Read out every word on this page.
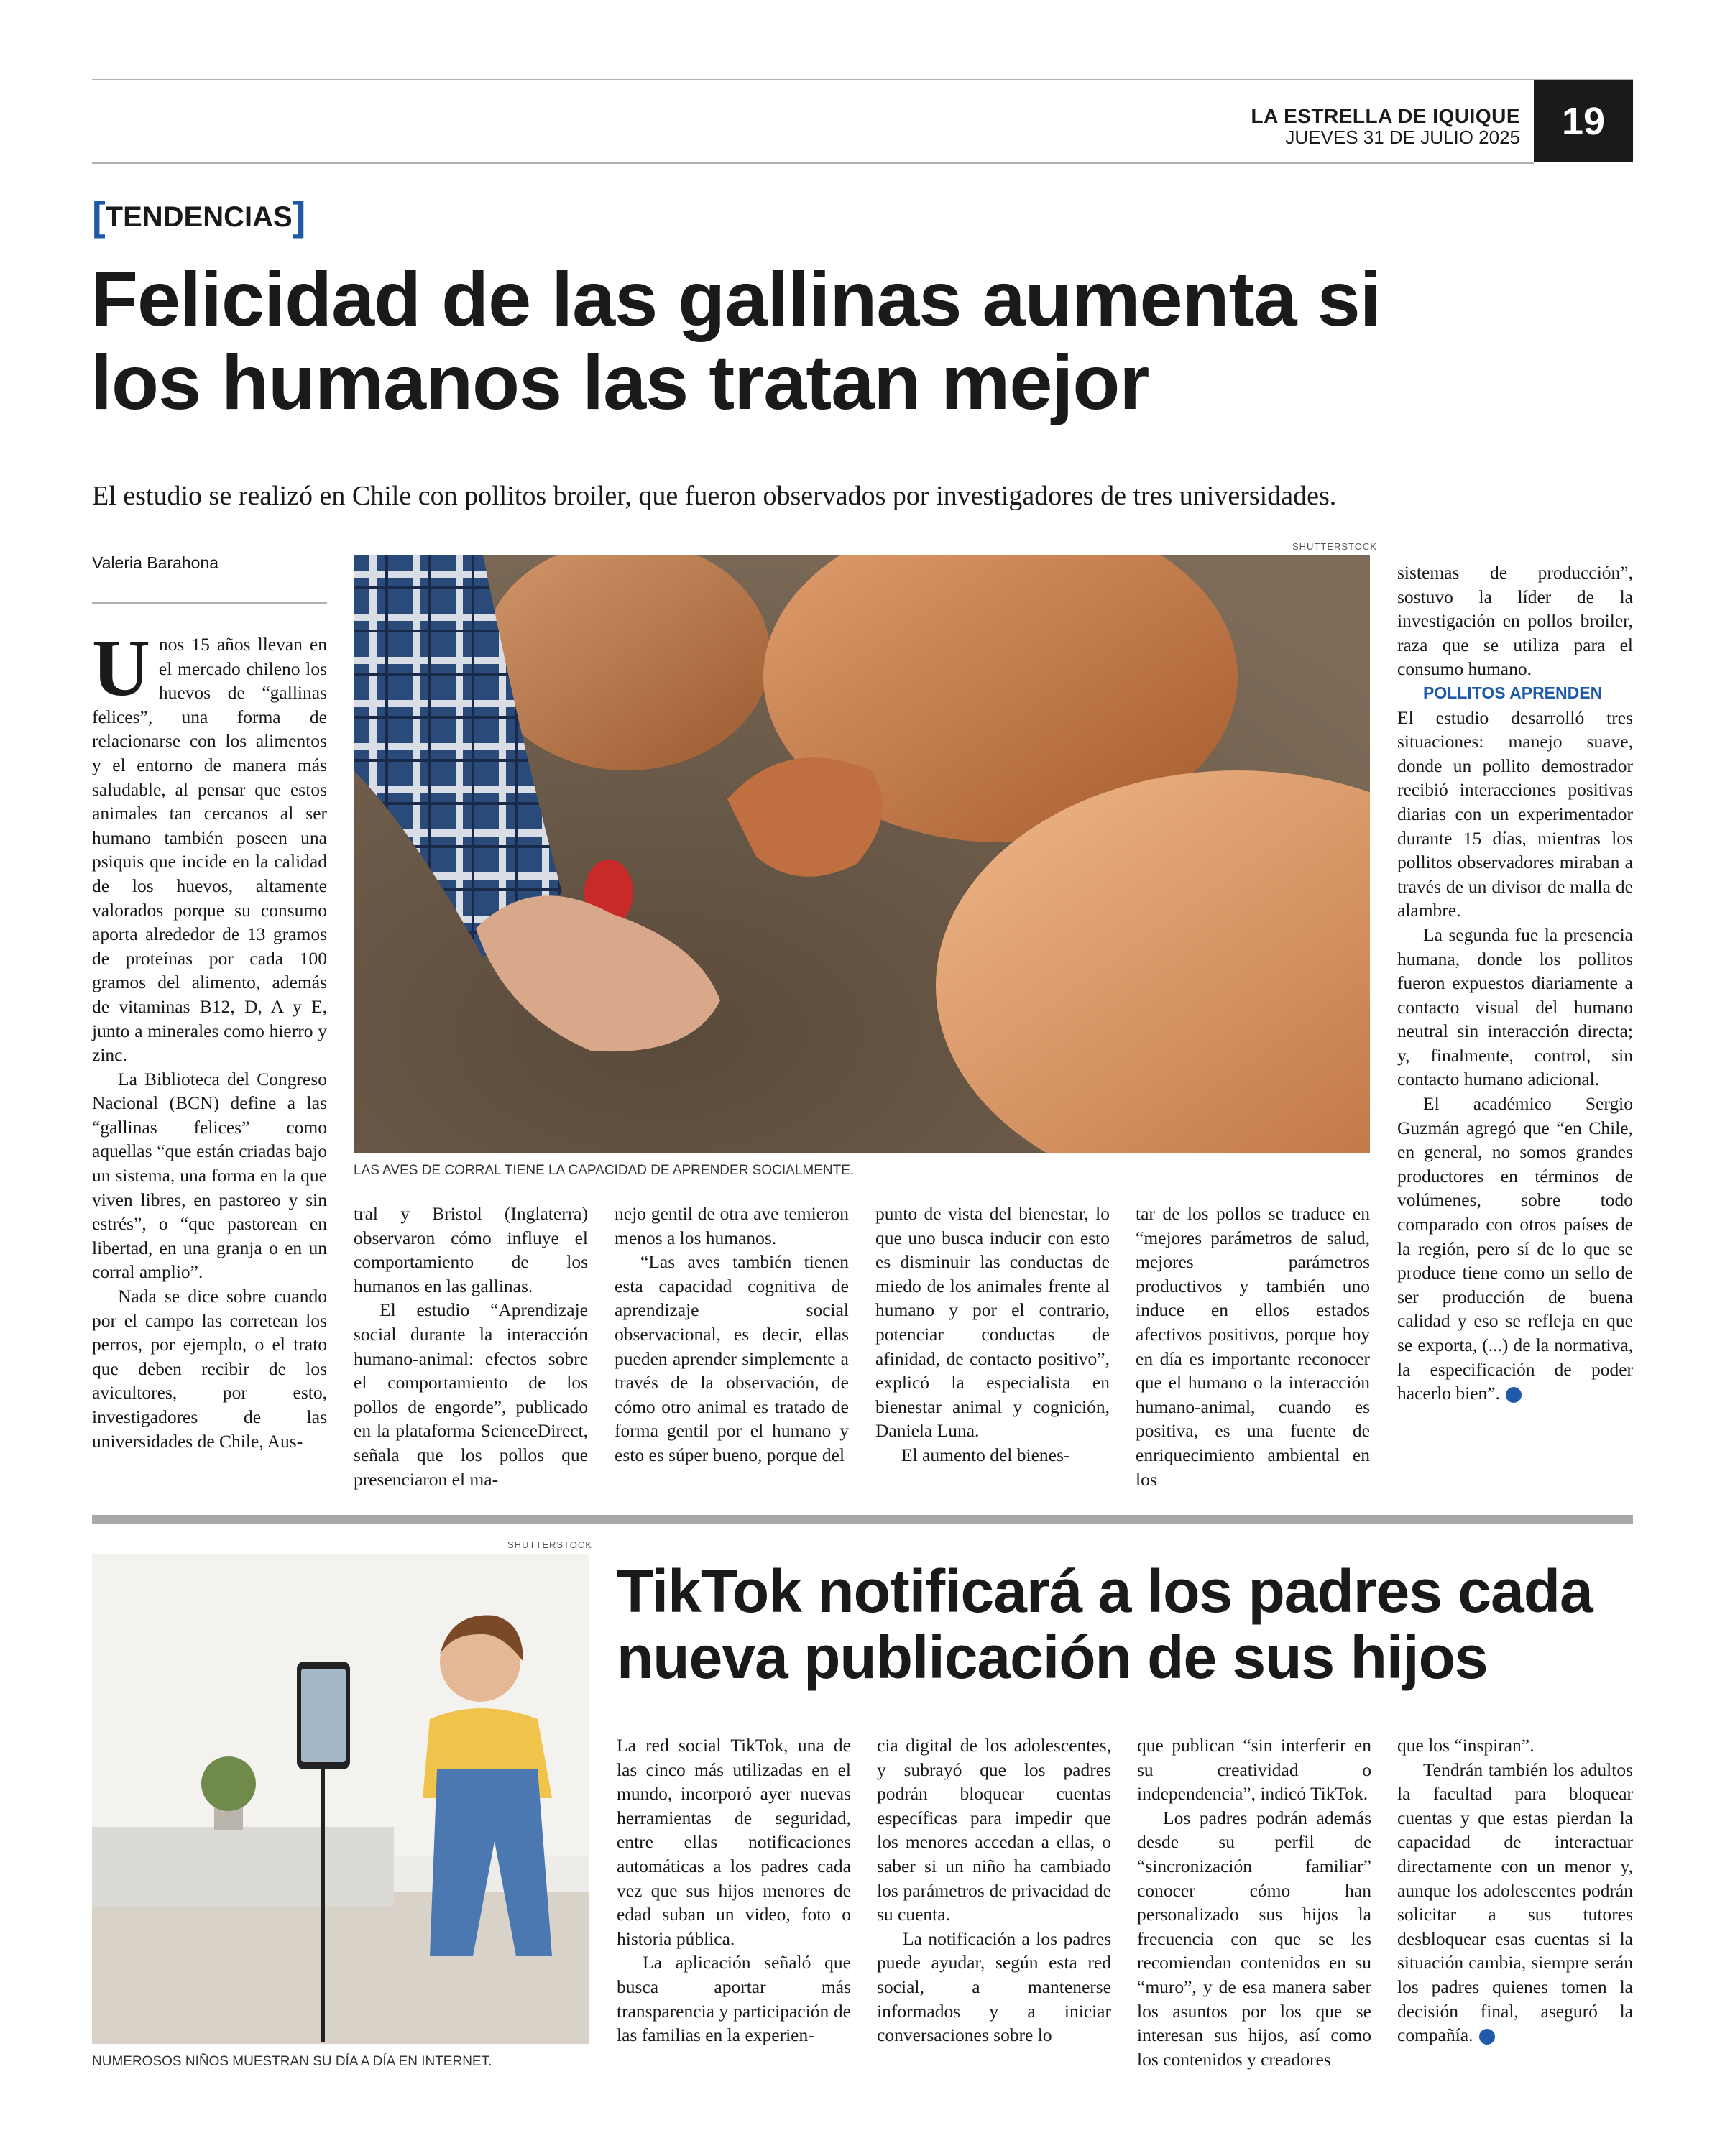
LA ESTRELLA DE IQUIQUE
JUEVES 31 DE JULIO 2025	19
[TENDENCIAS]
Felicidad de las gallinas aumenta si
los humanos las tratan mejor
El estudio se realizó en Chile con pollitos broiler, que fueron observados por investigadores de tres universidades.
Valeria Barahona
SHUTTERSTOCK
LAS AVES DE CORRAL TIENE LA CAPACIDAD DE APRENDER SOCIALMENTE.

Unos 15 años llevan en el mercado chileno los huevos de “gallinas felices”, una forma de relacionarse con los alimentos y el entorno de manera más saludable, al pensar que estos animales tan cercanos al ser humano también poseen una psiquis que incide en la calidad de los huevos, altamente valorados porque su consumo aporta alrededor de 13 gramos de proteínas por cada 100 gramos del alimento, además de vitaminas B12, D, A y E, junto a minerales como hierro y zinc.

La Biblioteca del Congreso Nacional (BCN) define a las “gallinas felices” como aquellas “que están criadas bajo un sistema, una forma en la que viven libres, en pastoreo y sin estrés”, o “que pastorean en libertad, en una granja o en un corral amplio”.

Nada se dice sobre cuando por el campo las corretean los perros, por ejemplo, o el trato que deben recibir de los avicultores, por esto, investigadores de las universidades de Chile, Aus-

tral y Bristol (Inglaterra) observaron cómo influye el comportamiento de los humanos en las gallinas.

El estudio “Aprendizaje social durante la interacción humano-animal: efectos sobre el comportamiento de los pollos de engorde”, publicado en la plataforma ScienceDirect, señala que los pollos que presenciaron el ma-

nejo gentil de otra ave temieron menos a los humanos.

“Las aves también tienen esta capacidad cognitiva de aprendizaje social observacional, es decir, ellas pueden aprender simplemente a través de la observación, de cómo otro animal es tratado de forma gentil por el humano y esto es súper bueno, porque del

punto de vista del bienestar, lo que uno busca inducir con esto es disminuir las conductas de miedo de los animales frente al humano y por el contrario, potenciar conductas de afinidad, de contacto positivo”, explicó la especialista en bienestar animal y cognición, Daniela Luna.

El aumento del bienes-

tar de los pollos se traduce en “mejores parámetros de salud, mejores parámetros productivos y también uno induce en ellos estados afectivos positivos, porque hoy en día es importante reconocer que el humano o la interacción humano-animal, cuando es positiva, es una fuente de enriquecimiento ambiental en los

sistemas de producción”, sostuvo la líder de la investigación en pollos broiler, raza que se utiliza para el consumo humano.

POLLITOS APRENDEN

El estudio desarrolló tres situaciones: manejo suave, donde un pollito demostrador recibió interacciones positivas diarias con un experimentador durante 15 días, mientras los pollitos observadores miraban a través de un divisor de malla de alambre.

La segunda fue la presencia humana, donde los pollitos fueron expuestos diariamente a contacto visual del humano neutral sin interacción directa; y, finalmente, control, sin contacto humano adicional.

El académico Sergio Guzmán agregó que “en Chile, en general, no somos grandes productores en términos de volúmenes, sobre todo comparado con otros países de la región, pero sí de lo que se produce tiene como un sello de ser producción de buena calidad y eso se refleja en que se exporta, (...) de la normativa, la especificación de poder hacerlo bien”.	✪

SHUTTERSTOCK
NUMEROSOS NIÑOS MUESTRAN SU DÍA A DÍA EN INTERNET.
TikTok notificará a los padres cada
nueva publicación de sus hijos

La red social TikTok, una de las cinco más utilizadas en el mundo, incorporó ayer nuevas herramientas de seguridad, entre ellas notificaciones automáticas a los padres cada vez que sus hijos menores de edad suban un video, foto o historia pública.

La aplicación señaló que busca aportar más transparencia y participación de las familias en la experien-

cia digital de los adolescentes, y subrayó que los padres podrán bloquear cuentas específicas para impedir que los menores accedan a ellas, o saber si un niño ha cambiado los parámetros de privacidad de su cuenta.

La notificación a los padres puede ayudar, según esta red social, a mantenerse informados y a iniciar conversaciones sobre lo

que publican “sin interferir en su creatividad o independencia”, indicó TikTok.

Los padres podrán además desde su perfil de “sincronización familiar” conocer cómo han personalizado sus hijos la frecuencia con que se les recomiendan contenidos en su “muro”, y de esa manera saber los asuntos por los que se interesan sus hijos, así como los contenidos y creadores

que los “inspiran”.

Tendrán también los adultos la facultad para bloquear cuentas y que estas pierdan la capacidad de interactuar directamente con un menor y, aunque los adolescentes podrán solicitar a sus tutores desbloquear esas cuentas si la situación cambia, siempre serán los padres quienes tomen la decisión final, aseguró la compañía.	✪
